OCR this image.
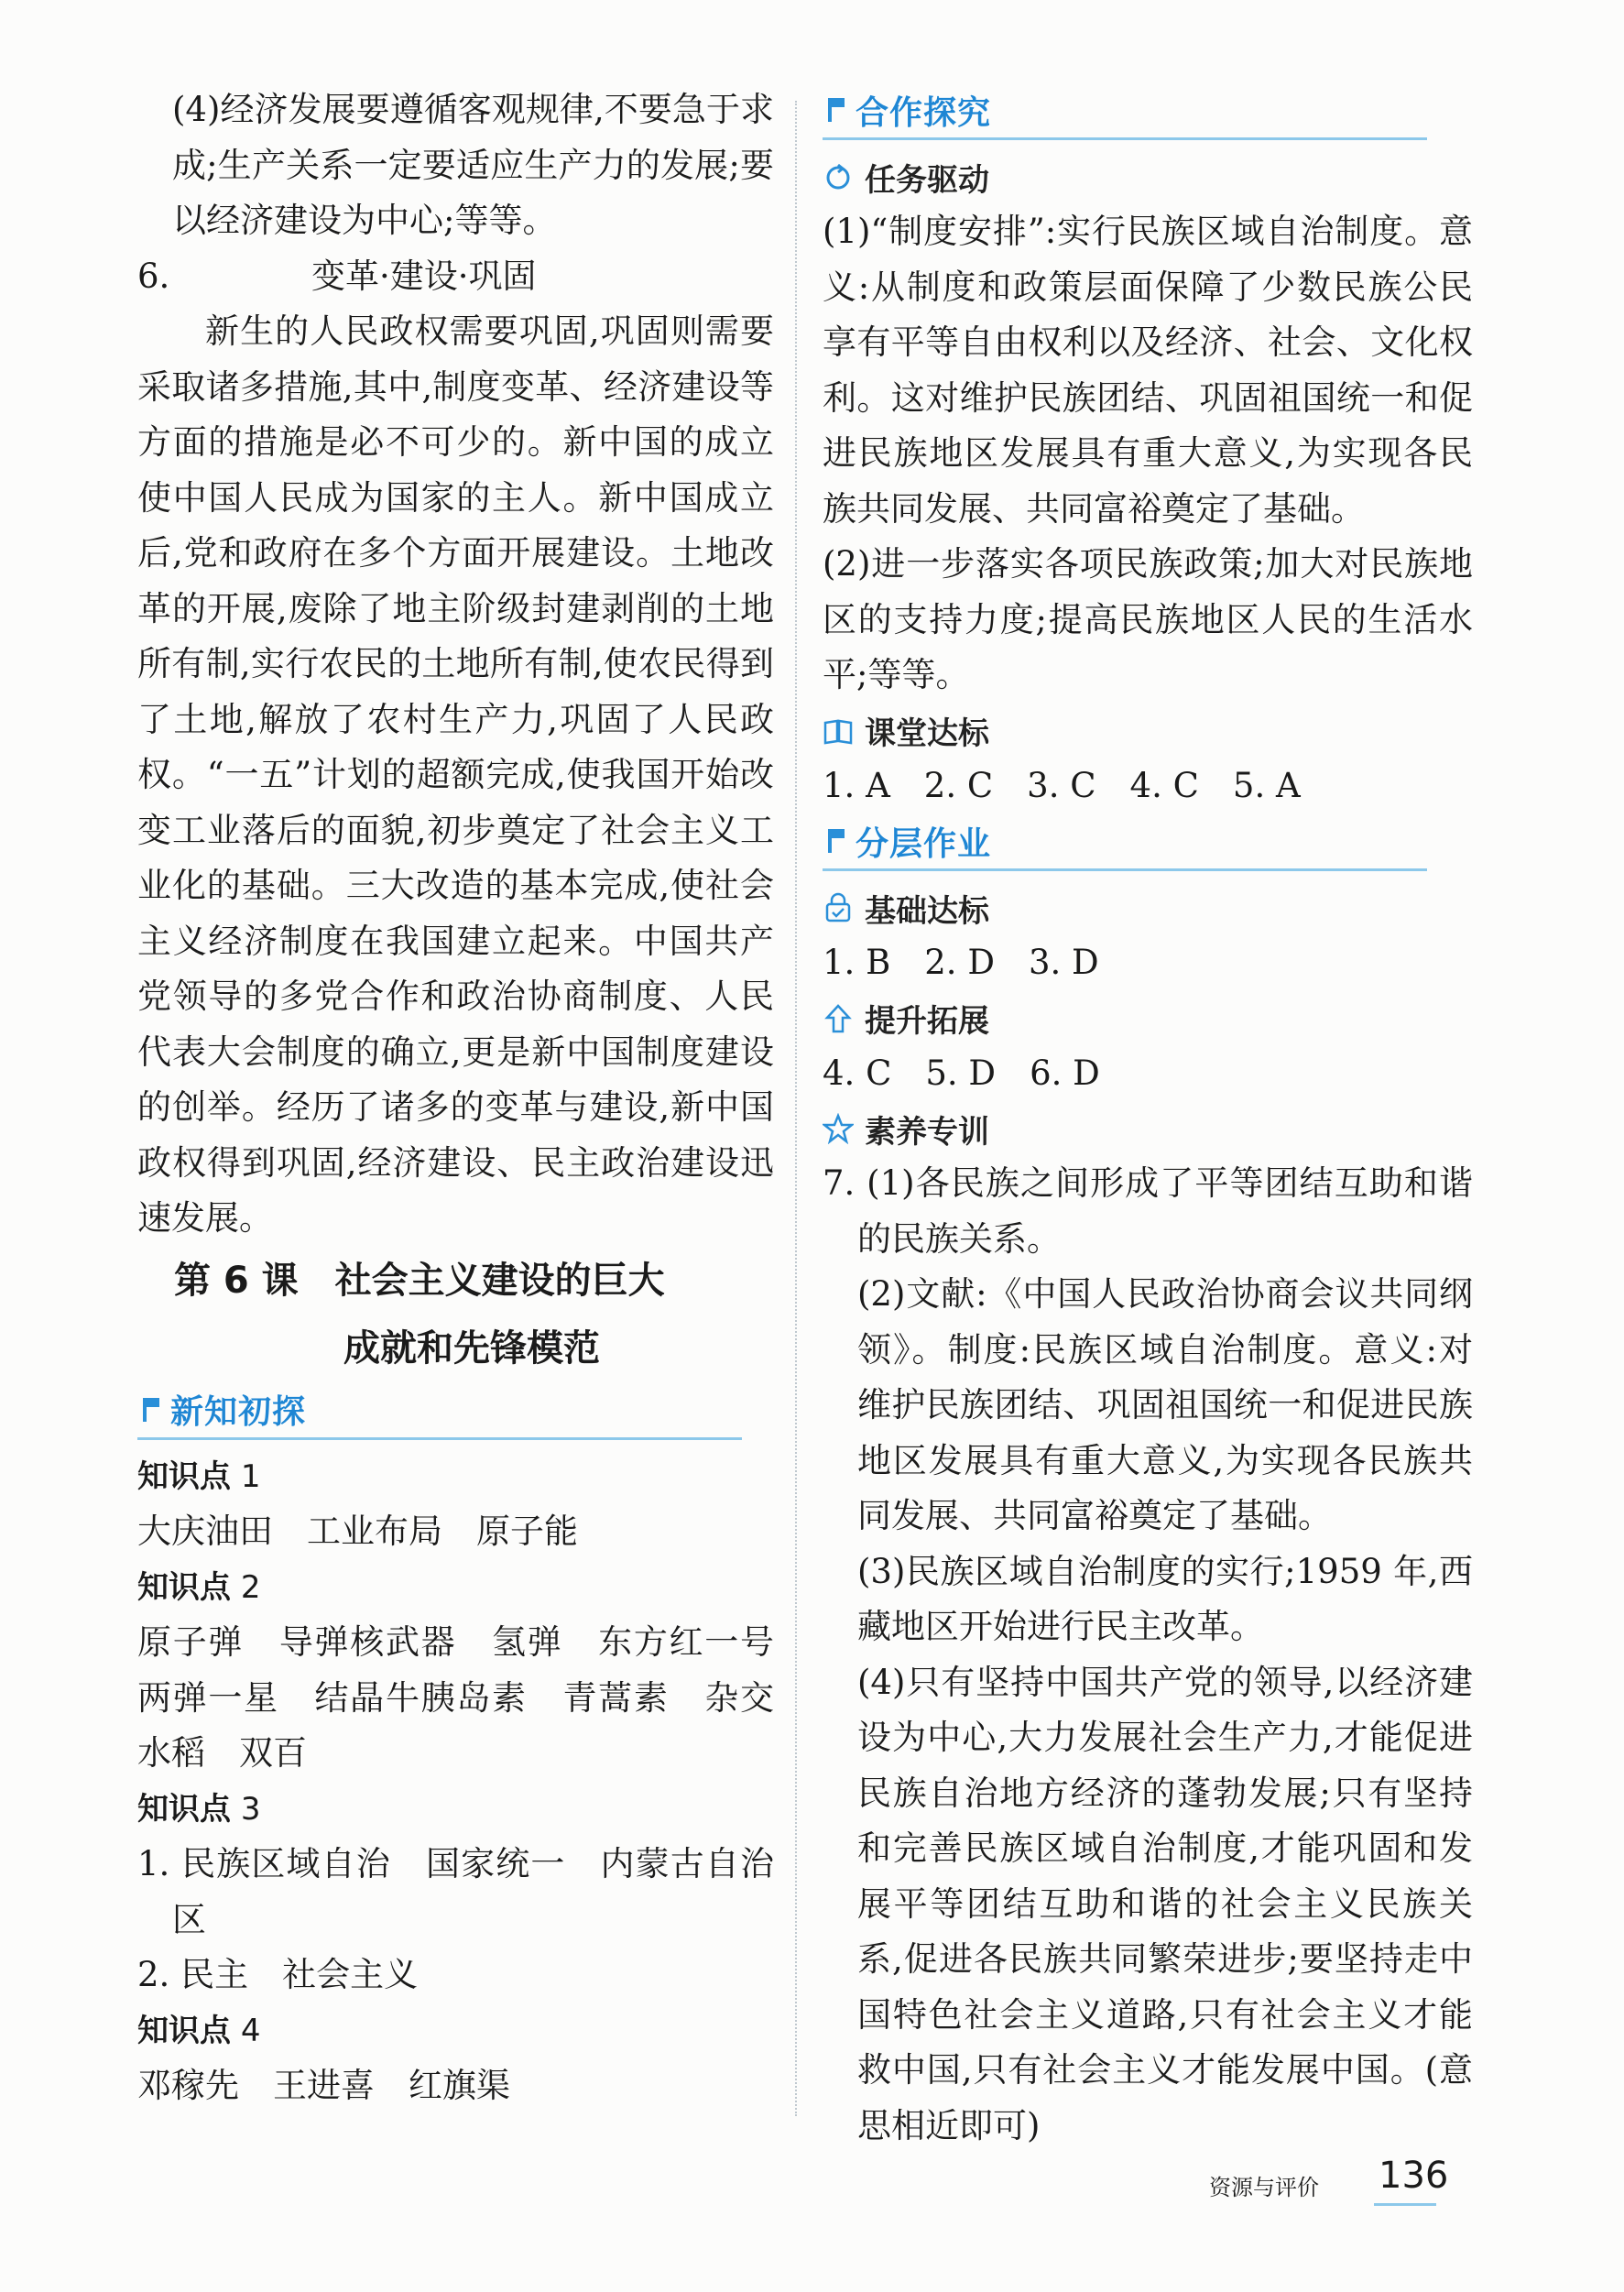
(4)经济发展要遵循客观规律,不要急于求成;生产关系一定要适应生产力的发展;要以经济建设为中心;等等。

6.	变革·建设·巩固

新生的人民政权需要巩固,巩固则需要采取诸多措施,其中,制度变革、经济建设等方面的措施是必不可少的。新中国的成立使中国人民成为国家的主人。新中国成立后,党和政府在多个方面开展建设。土地改革的开展,废除了地主阶级封建剥削的土地所有制,实行农民的土地所有制,使农民得到了土地,解放了农村生产力,巩固了人民政权。“一五”计划的超额完成,使我国开始改变工业落后的面貌,初步奠定了社会主义工业化的基础。三大改造的基本完成,使社会主义经济制度在我国建立起来。中国共产党领导的多党合作和政治协商制度、人民代表大会制度的确立,更是新中国制度建设的创举。经历了诸多的变革与建设,新中国政权得到巩固,经济建设、民主政治建设迅速发展。

第 6 课　社会主义建设的巨大
成就和先锋模范
新知初探
知识点 1

大庆油田　工业布局　原子能

知识点 2

原子弹　导弹核武器　氢弹　东方红一号　两弹一星　结晶牛胰岛素　青蒿素　杂交水稻　双百

知识点 3

1. 民族区域自治　国家统一　内蒙古自治区

2. 民主　社会主义

知识点 4

邓稼先　王进喜　红旗渠

合作探究
任务驱动

(1)“制度安排”:实行民族区域自治制度。意义:从制度和政策层面保障了少数民族公民享有平等自由权利以及经济、社会、文化权利。这对维护民族团结、巩固祖国统一和促进民族地区发展具有重大意义,为实现各民族共同发展、共同富裕奠定了基础。

(2)进一步落实各项民族政策;加大对民族地区的支持力度;提高民族地区人民的生活水平;等等。

课堂达标

1. A　2. C　3. C　4. C　5. A

分层作业
基础达标

1. B　2. D　3. D

提升拓展

4. C　5. D　6. D

素养专训

7. (1)各民族之间形成了平等团结互助和谐的民族关系。

(2)文献:《中国人民政治协商会议共同纲领》。制度:民族区域自治制度。意义:对维护民族团结、巩固祖国统一和促进民族地区发展具有重大意义,为实现各民族共同发展、共同富裕奠定了基础。

(3)民族区域自治制度的实行;1959 年,西藏地区开始进行民主改革。

(4)只有坚持中国共产党的领导,以经济建设为中心,大力发展社会生产力,才能促进民族自治地方经济的蓬勃发展;只有坚持和完善民族区域自治制度,才能巩固和发展平等团结互助和谐的社会主义民族关系,促进各民族共同繁荣进步;要坚持走中国特色社会主义道路,只有社会主义才能救中国,只有社会主义才能发展中国。(意思相近即可)

资源与评价 136
